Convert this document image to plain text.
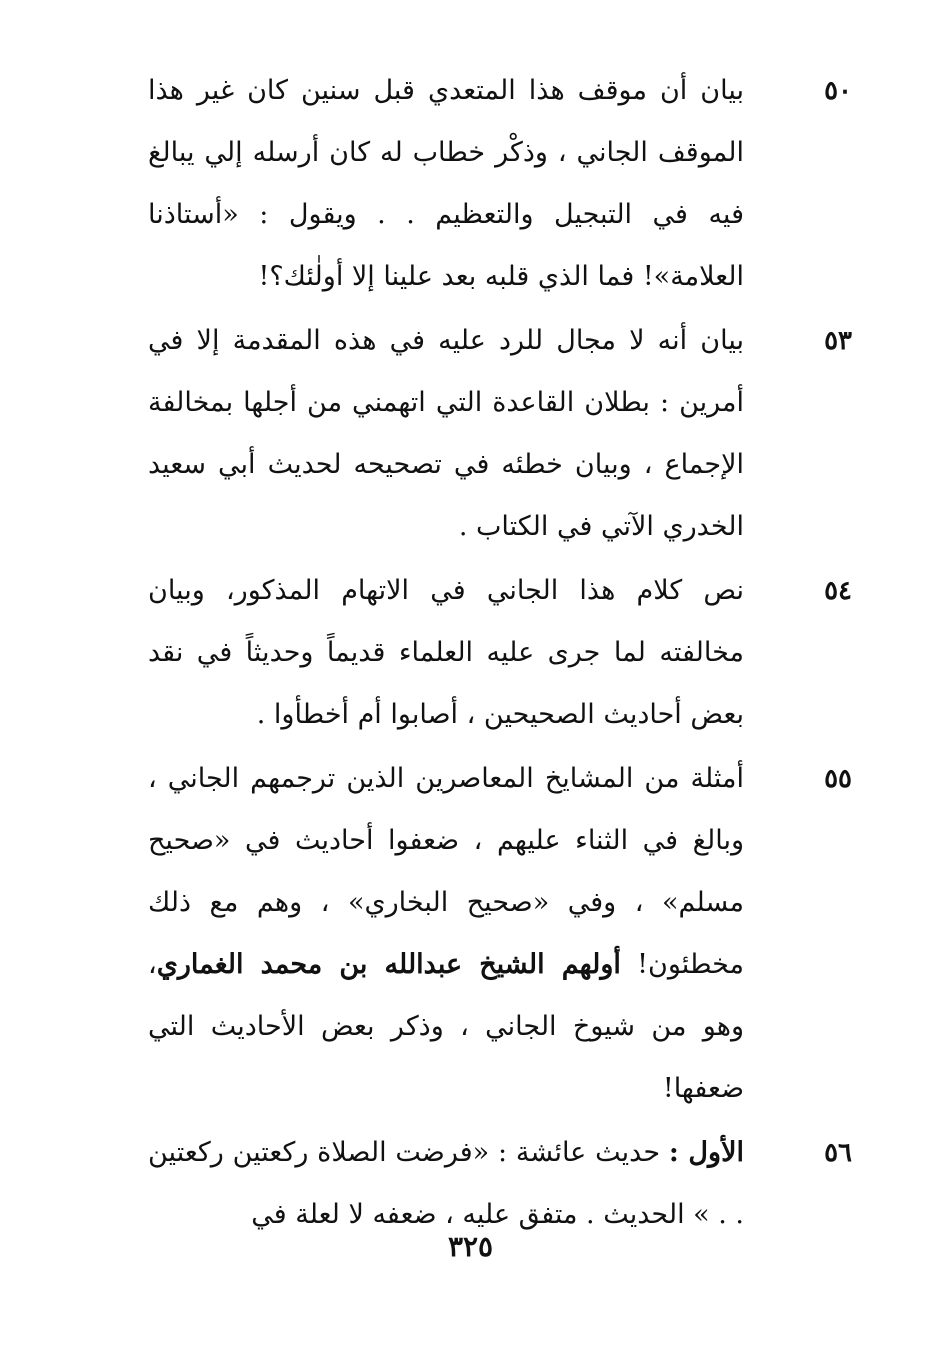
٥٠
بيان أن موقف هذا المتعدي قبل سنين كان غير هذا الموقف الجاني ، وذكْر خطاب له كان أرسله إلي يبالغ فيه في التبجيل والتعظيم . . ويقول : «أستاذنا العلامة»! فما الذي قلبه بعد علينا إلا أولٰئك؟!
٥٣
بيان أنه لا مجال للرد عليه في هذه المقدمة إلا في أمرين : بطلان القاعدة التي اتهمني من أجلها بمخالفة الإجماع ، وبيان خطئه في تصحيحه لحديث أبي سعيد الخدري الآتي في الكتاب .
٥٤
نص كلام هذا الجاني في الاتهام المذكور، وبيان مخالفته لما جرى عليه العلماء قديماً وحديثاً في نقد بعض أحاديث الصحيحين ، أصابوا أم أخطأوا .
٥٥
أمثلة من المشايخ المعاصرين الذين ترجمهم الجاني ، وبالغ في الثناء عليهم ، ضعفوا أحاديث في «صحيح مسلم» ، وفي «صحيح البخاري» ، وهم مع ذلك مخطئون! أولهم الشيخ عبدالله بن محمد الغماري، وهو من شيوخ الجاني ، وذكر بعض الأحاديث التي ضعفها!
٥٦
الأول : حديث عائشة : «فرضت الصلاة ركعتين ركعتين . . » الحديث . متفق عليه ، ضعفه لا لعلة في
٣٢٥
